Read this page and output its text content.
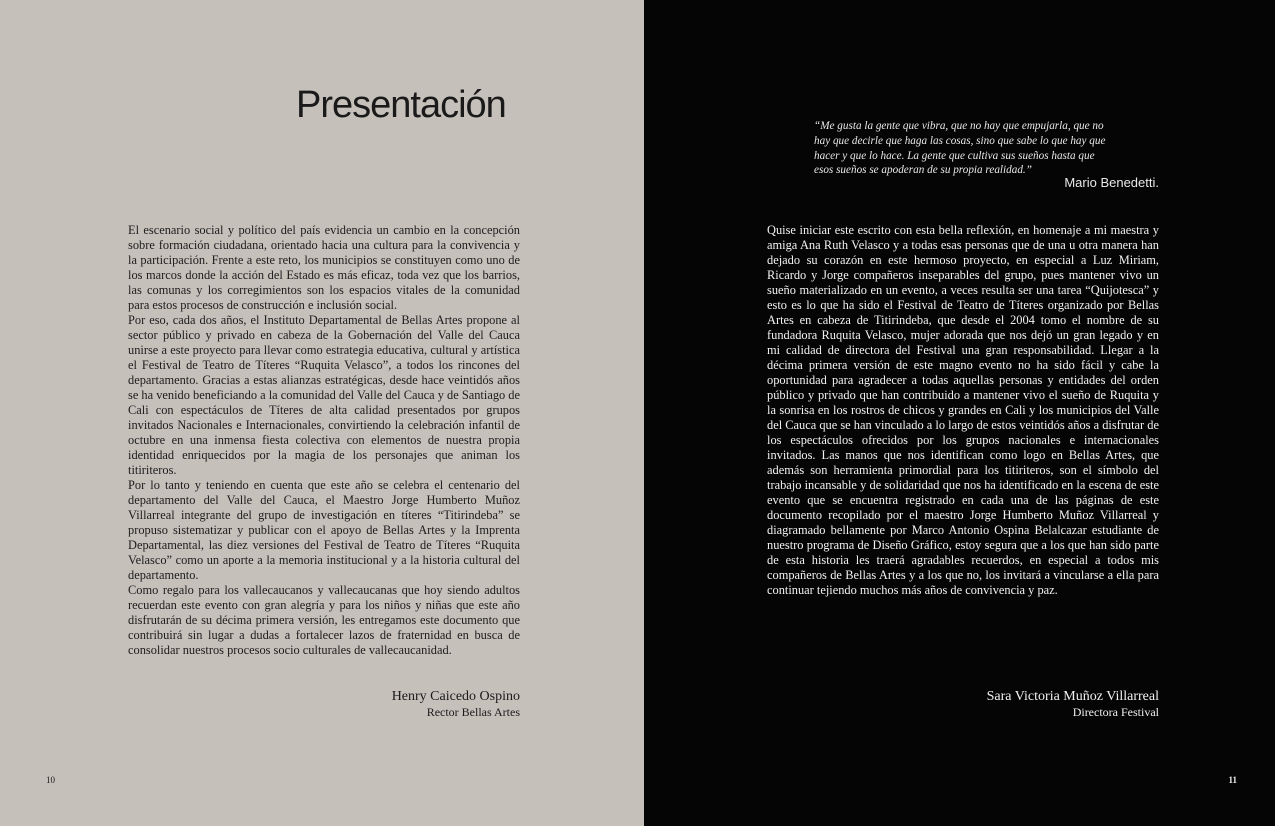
Presentación

El escenario social y político del país evidencia un cambio en la concepción sobre formación ciudadana, orientado hacia una cultura para la convivencia y la participación. Frente a este reto, los municipios se constituyen como uno de los marcos donde la acción del Estado es más eficaz, toda vez que los barrios, las comunas y los corregimientos son los espacios vitales de la comunidad para estos procesos de construcción e inclusión social.

Por eso, cada dos años, el Instituto Departamental de Bellas Artes propone al sector público y privado en cabeza de la Gobernación del Valle del Cauca unirse a este proyecto para llevar como estrategia educativa, cultural y artística el Festival de Teatro de Títeres “Ruquita Velasco”, a todos los rincones del departamento. Gracias a estas alianzas estratégicas, desde hace veintidós años se ha venido beneficiando a la comunidad del Valle del Cauca y de Santiago de Cali con espectáculos de Títeres de alta calidad presentados por grupos invitados Nacionales e Internacionales, convirtiendo la celebración infantil de octubre en una inmensa fiesta colectiva con elementos de nuestra propia identidad enriquecidos por la magia de los personajes que animan los titiriteros.

Por lo tanto y teniendo en cuenta que este año se celebra el centenario del departamento del Valle del Cauca, el Maestro Jorge Humberto Muñoz Villarreal integrante del grupo de investigación en títeres “Titirindeba” se propuso sistematizar y publicar con el apoyo de Bellas Artes y la Imprenta Departamental, las diez versiones del Festival de Teatro de Títeres “Ruquita Velasco” como un aporte a la memoria institucional y a la historia cultural del departamento.

Como regalo para los vallecaucanos y vallecaucanas que hoy siendo adultos recuerdan este evento con gran alegría y para los niños y niñas que este año disfrutarán de su décima primera versión, les entregamos este documento que contribuirá sin lugar a dudas a fortalecer lazos de fraternidad en busca de consolidar nuestros procesos socio culturales de vallecaucanidad.

Henry Caicedo Ospino
Rector Bellas Artes
10

“Me gusta la gente que vibra, que no hay que empujarla, que no hay que decirle que haga las cosas, sino que sabe lo que hay que hacer y que lo hace. La gente que cultiva sus sueños hasta que esos sueños se apoderan de su propia realidad.”

Mario Benedetti.

Quise iniciar este escrito con esta bella reflexión, en homenaje a mi maestra y amiga Ana Ruth Velasco y a todas esas personas que de una u otra manera han dejado su corazón en este hermoso proyecto, en especial a Luz Miriam, Ricardo y Jorge compañeros inseparables del grupo, pues mantener vivo un sueño materializado en un evento, a veces resulta ser una tarea “Quijotesca” y esto es lo que ha sido el Festival de Teatro de Títeres organizado por Bellas Artes en cabeza de Titirindeba, que desde el 2004 tomo el nombre de su fundadora Ruquita Velasco, mujer adorada que nos dejó un gran legado y en mi calidad de directora del Festival una gran responsabilidad. Llegar a la décima primera versión de este magno evento no ha sido fácil y cabe la oportunidad para agradecer a todas aquellas personas y entidades del orden público y privado que han contribuido a mantener vivo el sueño de Ruquita y la sonrisa en los rostros de chicos y grandes en Cali y los municipios del Valle del Cauca que se han vinculado a lo largo de estos veintidós años a disfrutar de los espectáculos ofrecidos por los grupos nacionales e internacionales invitados. Las manos que nos identifican como logo en Bellas Artes, que además son herramienta primordial para los titiriteros, son el símbolo del trabajo incansable y de solidaridad que nos ha identificado en la escena de este evento que se encuentra registrado en cada una de las páginas de este documento recopilado por el maestro Jorge Humberto Muñoz Villarreal y diagramado bellamente por Marco Antonio Ospina Belalcazar estudiante de nuestro programa de Diseño Gráfico, estoy segura que a los que han sido parte de esta historia les traerá agradables recuerdos, en especial a todos mis compañeros de Bellas Artes y a los que no, los invitará a vincularse a ella para continuar tejiendo muchos más años de convivencia y paz.

Sara Victoria Muñoz Villarreal
Directora Festival
11
